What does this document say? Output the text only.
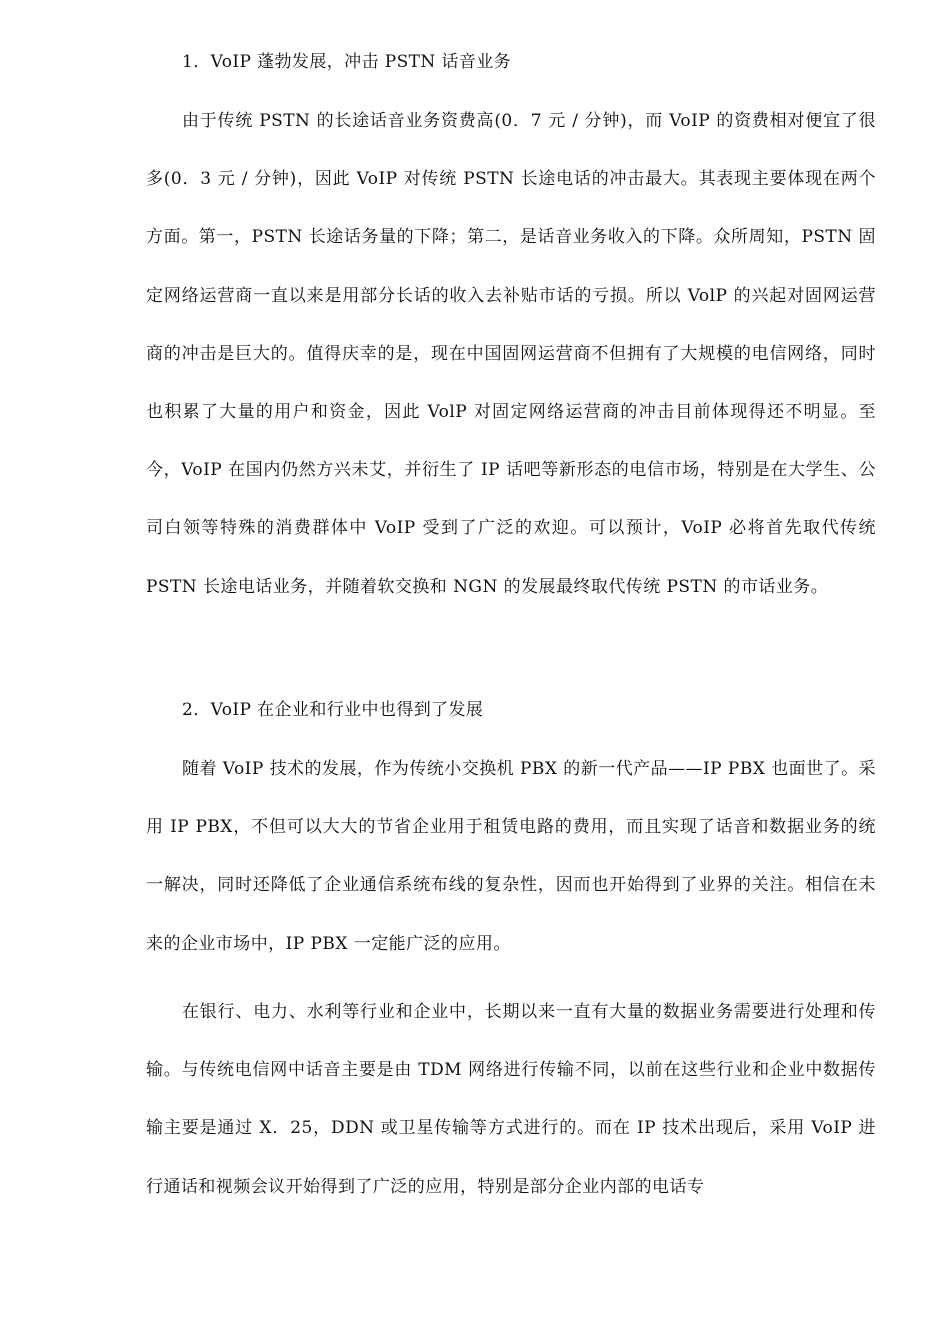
1．VoIP 蓬勃发展，冲击 PSTN 话音业务
由于传统 PSTN 的长途话音业务资费高(0．7 元 / 分钟)，而 VoIP 的资费相对便宜了很多(0．3 元 / 分钟)，因此 VoIP 对传统 PSTN 长途电话的冲击最大。其表现主要体现在两个方面。第一，PSTN 长途话务量的下降；第二，是话音业务收入的下降。众所周知，PSTN 固定网络运营商一直以来是用部分长话的收入去补贴市话的亏损。所以 VolP 的兴起对固网运营商的冲击是巨大的。值得庆幸的是，现在中国固网运营商不但拥有了大规模的电信网络，同时也积累了大量的用户和资金，因此 VolP 对固定网络运营商的冲击目前体现得还不明显。至今，VoIP 在国内仍然方兴未艾，并衍生了 IP 话吧等新形态的电信市场，特别是在大学生、公司白领等特殊的消费群体中 VoIP 受到了广泛的欢迎。可以预计，VoIP 必将首先取代传统 PSTN 长途电话业务，并随着软交换和 NGN 的发展最终取代传统 PSTN 的市话业务。
2．VoIP 在企业和行业中也得到了发展
随着 VoIP 技术的发展，作为传统小交换机 PBX 的新一代产品——IP PBX 也面世了。采用 IP PBX，不但可以大大的节省企业用于租赁电路的费用，而且实现了话音和数据业务的统一解决，同时还降低了企业通信系统布线的复杂性，因而也开始得到了业界的关注。相信在未来的企业市场中，IP PBX 一定能广泛的应用。
在银行、电力、水利等行业和企业中，长期以来一直有大量的数据业务需要进行处理和传输。与传统电信网中话音主要是由 TDM 网络进行传输不同，以前在这些行业和企业中数据传输主要是通过 X．25，DDN 或卫星传输等方式进行的。而在 IP 技术出现后，采用 VoIP 进行通话和视频会议开始得到了广泛的应用，特别是部分企业内部的电话专
